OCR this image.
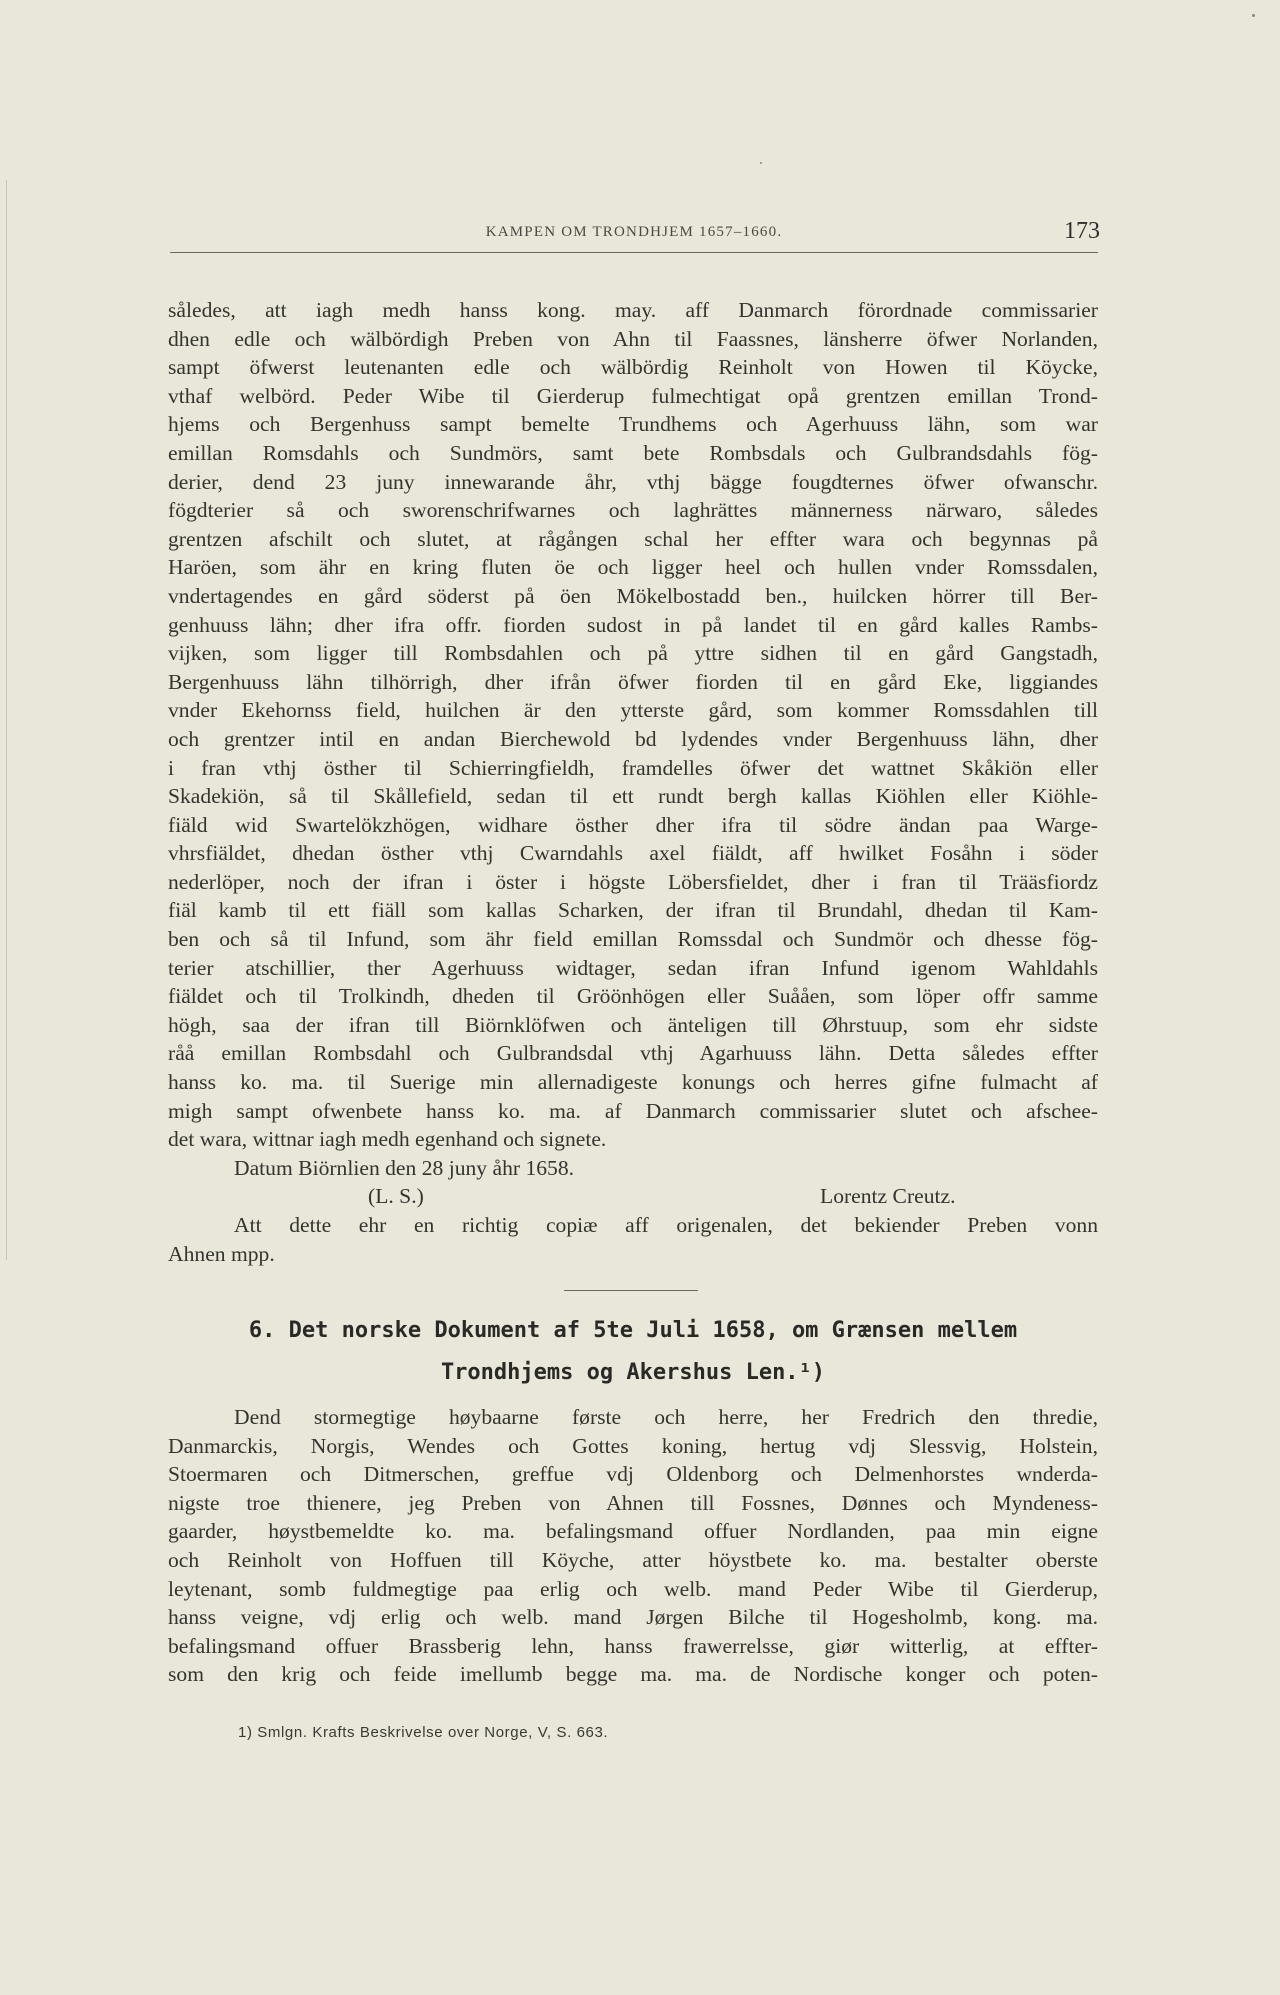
KAMPEN OM TRONDHJEM 1657–1660.	173
således, att iagh medh hanss kong. may. aff Danmarch förordnade commissarier
dhen edle och wälbördigh Preben von Ahn til Faassnes, länsherre öfwer Norlanden,
sampt öfwerst leutenanten edle och wälbördig Reinholt von Howen til Köycke,
vthaf welbörd. Peder Wibe til Gierderup fulmechtigat opå grentzen emillan Trond-
hjems och Bergenhuss sampt bemelte Trundhems och Agerhuuss lähn, som war
emillan Romsdahls och Sundmörs, samt bete Rombsdals och Gulbrandsdahls fög-
derier, dend 23 juny innewarande åhr, vthj bägge fougdternes öfwer ofwanschr.
fögdterier så och sworenschrifwarnes och laghrättes männerness närwaro, således
grentzen afschilt och slutet, at rågången schal her effter wara och begynnas på
Haröen, som ähr en kring fluten öe och ligger heel och hullen vnder Romssdalen,
vndertagendes en gård söderst på öen Mökelbostadd ben., huilcken hörrer till Ber-
genhuuss lähn; dher ifra offr. fiorden sudost in på landet til en gård kalles Rambs-
vijken, som ligger till Rombsdahlen och på yttre sidhen til en gård Gangstadh,
Bergenhuuss lähn tilhörrigh, dher ifrån öfwer fiorden til en gård Eke, liggiandes
vnder Ekehornss field, huilchen är den ytterste gård, som kommer Romssdahlen till
och grentzer intil en andan Bierchewold bd lydendes vnder Bergenhuuss lähn, dher
i fran vthj östher til Schierringfieldh, framdelles öfwer det wattnet Skåkiön eller
Skadekiön, så til Skållefield, sedan til ett rundt bergh kallas Kiöhlen eller Kiöhle-
fiäld wid Swartelökzhögen, widhare östher dher ifra til södre ändan paa Warge-
vhrsfiäldet, dhedan östher vthj Cwarndahls axel fiäldt, aff hwilket Fosåhn i söder
nederlöper, noch der ifran i öster i högste Löbersfieldet, dher i fran til Trääsfiordz
fiäl kamb til ett fiäll som kallas Scharken, der ifran til Brundahl, dhedan til Kam-
ben och så til Infund, som ähr field emillan Romssdal och Sundmör och dhesse fög-
terier atschillier, ther Agerhuuss widtager, sedan ifran Infund igenom Wahldahls
fiäldet och til Trolkindh, dheden til Gröönhögen eller Suååen, som löper offr samme
högh, saa der ifran till Biörnklöfwen och änteligen till Øhrstuup, som ehr sidste
råå emillan Rombsdahl och Gulbrandsdal vthj Agarhuuss lähn. Detta således effter
hanss ko. ma. til Suerige min allernadigeste konungs och herres gifne fulmacht af
migh sampt ofwenbete hanss ko. ma. af Danmarch commissarier slutet och afschee-
det wara, wittnar iagh medh egenhand och signete.
Datum Biörnlien den 28 juny åhr 1658.
(L. S.)	Lorentz Creutz.
Att dette ehr en richtig copiæ aff origenalen, det bekiender Preben vonn
Ahnen mpp.
6. Det norske Dokument af 5te Juli 1658, om Grænsen mellem
Trondhjems og Akershus Len.¹)
Dend stormegtige høybaarne første och herre, her Fredrich den thredie,
Danmarckis, Norgis, Wendes och Gottes koning, hertug vdj Slessvig, Holstein,
Stoermaren och Ditmerschen, greffue vdj Oldenborg och Delmenhorstes wnderda-
nigste troe thienere, jeg Preben von Ahnen till Fossnes, Dønnes och Myndeness-
gaarder, høystbemeldte ko. ma. befalingsmand offuer Nordlanden, paa min eigne
och Reinholt von Hoffuen till Köyche, atter höystbete ko. ma. bestalter oberste
leytenant, somb fuldmegtige paa erlig och welb. mand Peder Wibe til Gierderup,
hanss veigne, vdj erlig och welb. mand Jørgen Bilche til Hogesholmb, kong. ma.
befalingsmand offuer Brassberig lehn, hanss frawerrelsse, giør witterlig, at effter-
som den krig och feide imellumb begge ma. ma. de Nordische konger och poten-
1) Smlgn. Krafts Beskrivelse over Norge, V, S. 663.
